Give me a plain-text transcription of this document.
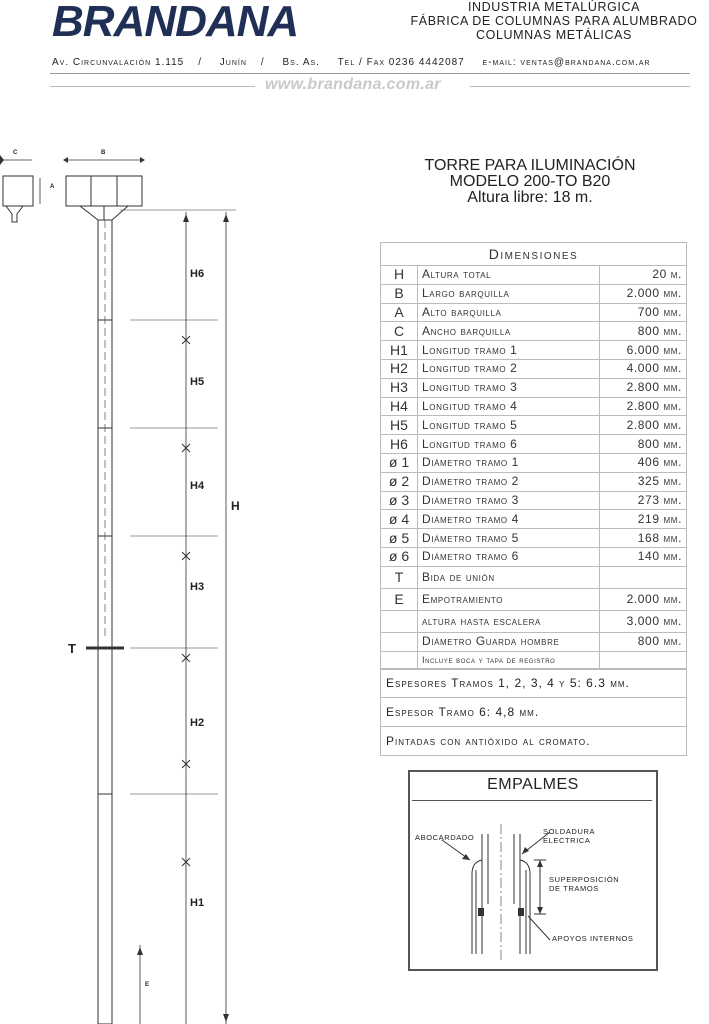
BRANDANA	INDUSTRIA METALÚRGICA
FÁBRICA DE COLUMNAS PARA ALUMBRADO
COLUMNAS METÁLICAS
Av. Circunvalación 1.115 / Junín / Bs. As. Tel / Fax 0236 4442087 e-mail: ventas@brandana.com.ar
www.brandana.com.ar
C	B
A
E
T
H
H6
H5
H4
H3
H2
H1
TORRE PARA ILUMINACIÓN
MODELO 200-TO B20
Altura libre: 18 m.
Dimensiones		
H	Altura total	20 m.
B	Largo barquilla	2.000 mm.
A	Alto barquilla	700 mm.
C	Ancho barquilla	800 mm.
H1	Longitud tramo 1	6.000 mm.
H2	Longitud tramo 2	4.000 mm.
H3	Longitud tramo 3	2.800 mm.
H4	Longitud tramo 4	2.800 mm.
H5	Longitud tramo 5	2.800 mm.
H6	Longitud tramo 6	800 mm.
ø 1	Diámetro tramo 1	406 mm.
ø 2	Diámetro tramo 2	325 mm.
ø 3	Diámetro tramo 3	273 mm.
ø 4	Diámetro tramo 4	219 mm.
ø 5	Diámetro tramo 5	168 mm.
ø 6	Diámetro tramo 6	140 mm.
T	Bida de unión	
E	Empotramiento	2.000 mm.
	altura hasta escalera	3.000 mm.
	Diámetro Guarda hombre	800 mm.
	Incluye boca y tapa de registro	
Espesores Tramos 1, 2, 3, 4 y 5: 6.3 mm.
Espesor Tramo 6: 4,8 mm.
Pintadas con antióxido al cromato.
EMPALMES
ABOCARDADO
SOLDADURA
ELECTRICA
SUPERPOSICIÓN
DE TRAMOS
APOYOS INTERNOS
